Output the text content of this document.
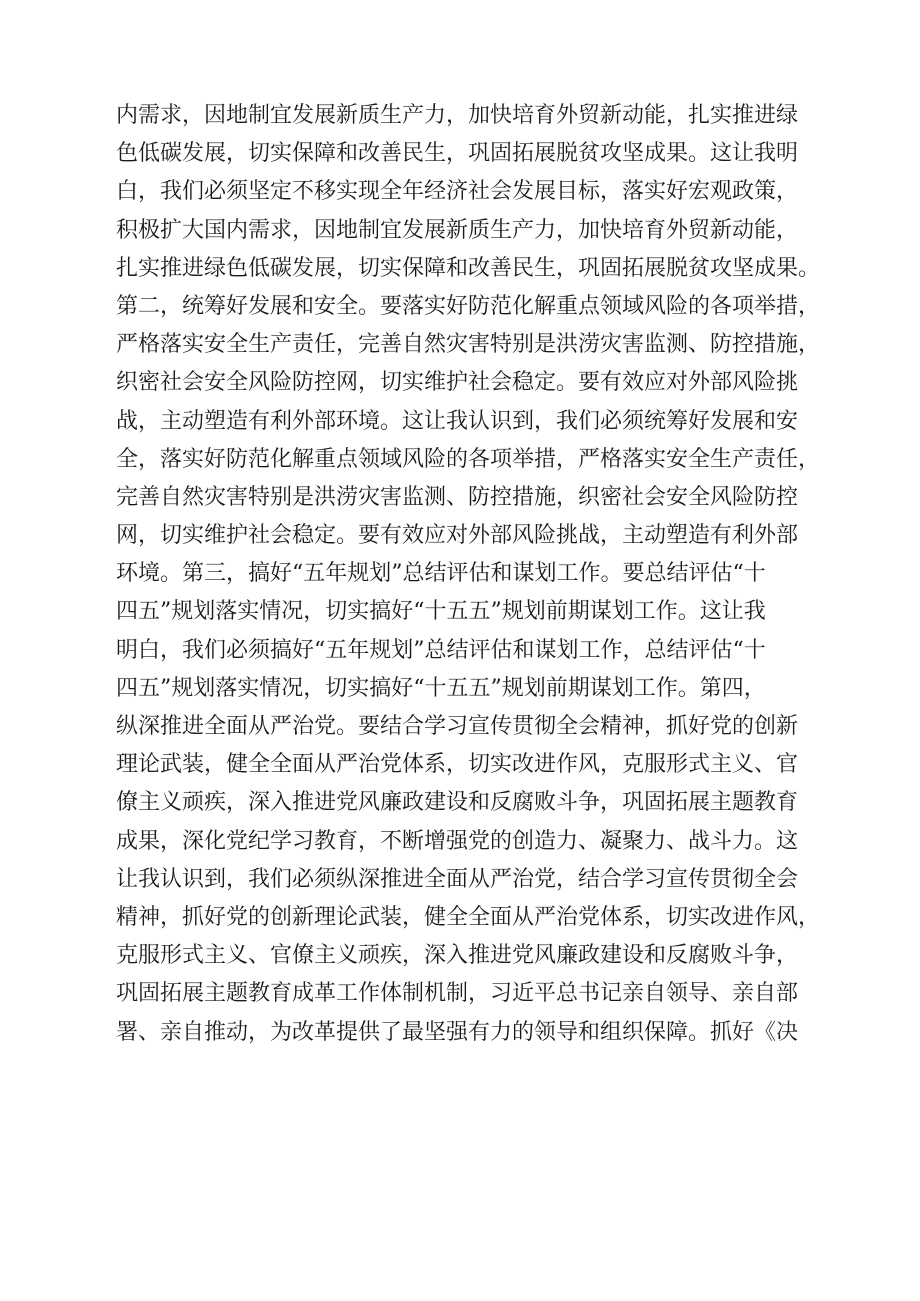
内需求，因地制宜发展新质生产力，加快培育外贸新动能，扎实推进绿
色低碳发展，切实保障和改善民生，巩固拓展脱贫攻坚成果。这让我明
白，我们必须坚定不移实现全年经济社会发展目标，落实好宏观政策，
积极扩大国内需求，因地制宜发展新质生产力，加快培育外贸新动能，
扎实推进绿色低碳发展，切实保障和改善民生，巩固拓展脱贫攻坚成果。
第二，统筹好发展和安全。要落实好防范化解重点领域风险的各项举措，
严格落实安全生产责任，完善自然灾害特别是洪涝灾害监测、防控措施，
织密社会安全风险防控网，切实维护社会稳定。要有效应对外部风险挑
战，主动塑造有利外部环境。这让我认识到，我们必须统筹好发展和安
全，落实好防范化解重点领域风险的各项举措，严格落实安全生产责任，
完善自然灾害特别是洪涝灾害监测、防控措施，织密社会安全风险防控
网，切实维护社会稳定。要有效应对外部风险挑战，主动塑造有利外部
环境。第三，搞好“五年规划”总结评估和谋划工作。要总结评估“十
四五”规划落实情况，切实搞好“十五五”规划前期谋划工作。这让我
明白，我们必须搞好“五年规划”总结评估和谋划工作，总结评估“十
四五”规划落实情况，切实搞好“十五五”规划前期谋划工作。第四，
纵深推进全面从严治党。要结合学习宣传贯彻全会精神，抓好党的创新
理论武装，健全全面从严治党体系，切实改进作风，克服形式主义、官
僚主义顽疾，深入推进党风廉政建设和反腐败斗争，巩固拓展主题教育
成果，深化党纪学习教育，不断增强党的创造力、凝聚力、战斗力。这
让我认识到，我们必须纵深推进全面从严治党，结合学习宣传贯彻全会
精神，抓好党的创新理论武装，健全全面从严治党体系，切实改进作风，
克服形式主义、官僚主义顽疾，深入推进党风廉政建设和反腐败斗争，
巩固拓展主题教育成革工作体制机制，习近平总书记亲自领导、亲自部
署、亲自推动，为改革提供了最坚强有力的领导和组织保障。抓好《决
